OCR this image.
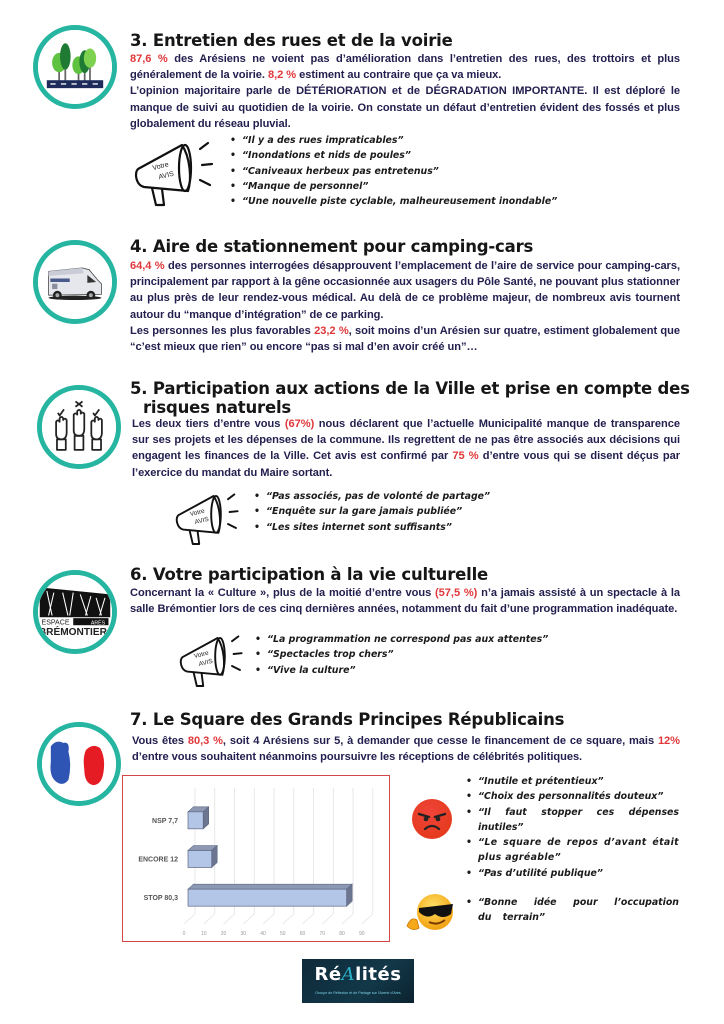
3. Entretien des rues et de la voirie

87,6 % des Arésiens ne voient pas d’amélioration dans l’entretien des rues, des trottoirs et plus généralement de la voirie. 8,2 % estiment au contraire que ça va mieux.
L’opinion majoritaire parle de DÉTÉRIORATION et de DÉGRADATION IMPORTANTE. Il est déploré le manque de suivi au quotidien de la voirie. On constate un défaut d’entretien évident des fossés et plus globalement du réseau pluvial.

Votre
AVIS
• “Il y a des rues impraticables”
• “Inondations et nids de poules”
• “Caniveaux herbeux pas entretenus”
• “Manque de personnel”
• “Une nouvelle piste cyclable, malheureusement inondable”
4. Aire de stationnement pour camping-cars

64,4 % des personnes interrogées désapprouvent l’emplacement de l’aire de service pour camping-cars, principalement par rapport à la gêne occasionnée aux usagers du Pôle Santé, ne pouvant plus stationner au plus près de leur rendez-vous médical. Au delà de ce problème majeur, de nombreux avis tournent autour du “manque d’intégration” de ce parking.
Les personnes les plus favorables 23,2 %, soit moins d’un Arésien sur quatre, estiment globalement que “c’est mieux que rien” ou encore “pas si mal d’en avoir créé un”…

5. Participation aux actions de la Ville et prise en compte des
risques naturels

Les deux tiers d’entre vous (67%) nous déclarent que l’actuelle Municipalité manque de transparence sur ses projets et les dépenses de la commune. Ils regrettent de ne pas être associés aux décisions qui engagent les finances de la Ville. Cet avis est confirmé par 75 % d’entre vous qui se disent déçus par l’exercice du mandat du Maire sortant.

Votre
AVIS
• “Pas associés, pas de volonté de partage”
• “Enquête sur la gare jamais publiée”
• “Les sites internet sont suffisants”
ESPACE	ARÈS
BRÉMONTIER
6. Votre participation à la vie culturelle

Concernant la « Culture », plus de la moitié d’entre vous (57,5 %) n’a jamais assisté à un spectacle à la salle Brémontier lors de ces cinq dernières années, notamment du fait d’une programmation inadéquate.

Votre
AVIS
• “La programmation ne correspond pas aux attentes”
• “Spectacles trop chers”
• “Vive la culture”
7. Le Square des Grands Principes Républicains

Vous êtes 80,3 %, soit 4 Arésiens sur 5, à demander que cesse le financement de ce square, mais 12% d’entre vous souhaitent néanmoins poursuivre les réceptions de célébrités politiques.

0	10	20	30	40	50	60	70	80	90
NSP 7,7
ENCORE 12
STOP 80,3
• “Inutile et prétentieux”
• “Choix des personnalités douteux”
• “Il faut stopper ces dépenses inutiles”
• “Le square de repos d’avant était plus agréable”
• “Pas d’utilité publique”
• “Bonne idée pour l’occupation du terrain”
RéAlités
Groupe de Réflexion et de Partage sur l’Avenir d’Arès
